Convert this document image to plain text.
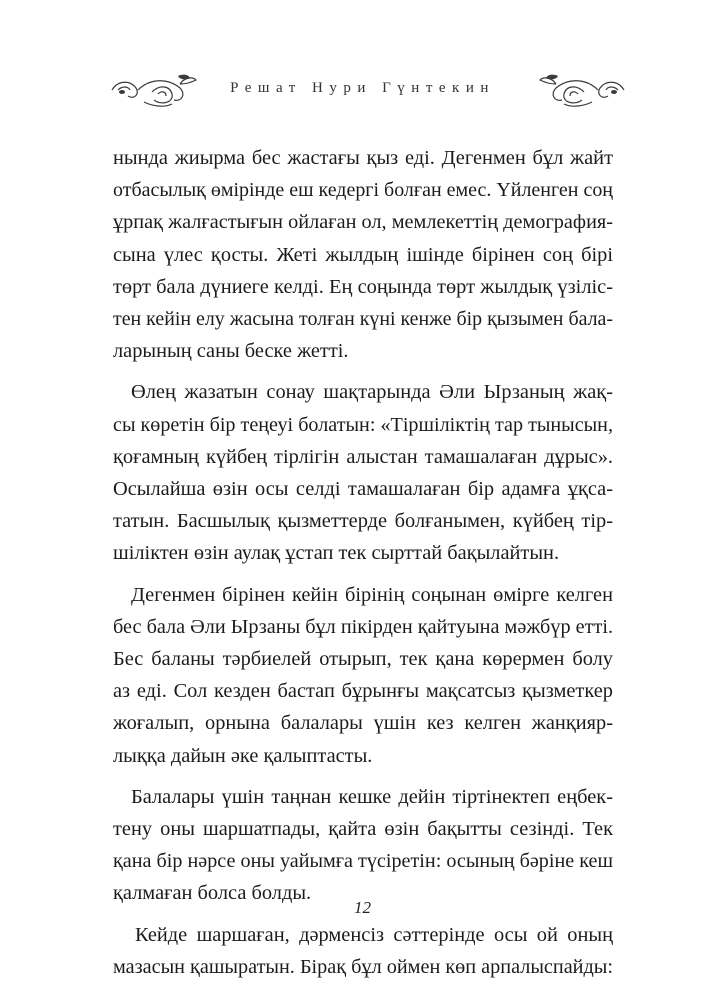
Решат Нури Гүнтекин
нында жиырма бес жастағы қыз еді. Дегенмен бұл жайт
отбасылық өмірінде еш кедергі болған емес. Үйленген соң
ұрпақ жалғастығын ойлаған ол, мемлекеттің демография-
сына үлес қосты. Жеті жылдың ішінде бірінен соң бірі
төрт бала дүниеге келді. Ең соңында төрт жылдық үзіліс-
тен кейін елу жасына толған күні кенже бір қызымен бала-
ларының саны беске жетті.
Өлең жазатын сонау шақтарында Әли Ырзаның жақ-
сы көретін бір теңеуі болатын: «Тіршіліктің тар тынысын,
қоғамның күйбең тірлігін алыстан тамашалаған дұрыс».
Осылайша өзін осы селді тамашалаған бір адамға ұқса-
татын. Басшылық қызметтерде болғанымен, күйбең тір-
шіліктен өзін аулақ ұстап тек сырттай бақылайтын.
Дегенмен бірінен кейін бірінің соңынан өмірге келген
бес бала Әли Ырзаны бұл пікірден қайтуына мәжбүр етті.
Бес баланы тәрбиелей отырып, тек қана көрермен болу
аз еді. Сол кезден бастап бұрынғы мақсатсыз қызметкер
жоғалып, орнына балалары үшін кез келген жанқияр-
лыққа дайын әке қалыптасты.
Балалары үшін таңнан кешке дейін тіртінектеп еңбек-
тену оны шаршатпады, қайта өзін бақытты сезінді. Тек
қана бір нәрсе оны уайымға түсіретін: осының бәріне кеш
қалмаған болса болды.
Кейде шаршаған, дәрменсіз сәттерінде осы ой оның
мазасын қашыратын. Бірақ бұл оймен көп арпалыспайды:
12
